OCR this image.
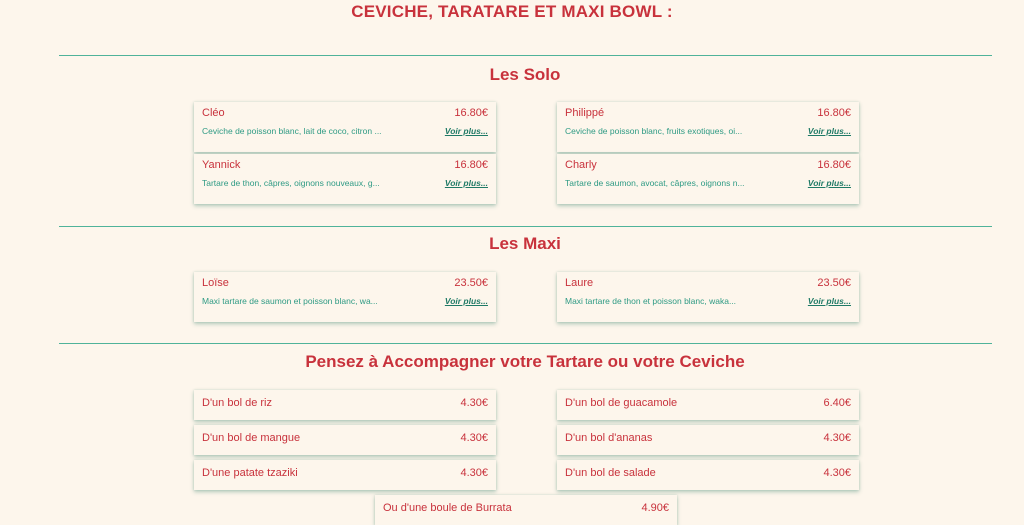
CEVICHE, TARATARE ET MAXI BOWL :
Les Solo
Cléo	16.80€
Ceviche de poisson blanc, lait de coco, citron ...	Voir plus...
Philippé	16.80€
Ceviche de poisson blanc, fruits exotiques, oi...	Voir plus...
Yannick	16.80€
Tartare de thon, câpres, oignons nouveaux, g...	Voir plus...
Charly	16.80€
Tartare de saumon, avocat, câpres, oignons n...	Voir plus...
Les Maxi
Loïse	23.50€
Maxi tartare de saumon et poisson blanc, wa...	Voir plus...
Laure	23.50€
Maxi tartare de thon et poisson blanc, waka...	Voir plus...
Pensez à Accompagner votre Tartare ou votre Ceviche
D'un bol de riz	4.30€	D'un bol de guacamole	6.40€
D'un bol de mangue	4.30€	D'un bol d'ananas	4.30€
D'une patate tzaziki	4.30€	D'un bol de salade	4.30€
Ou d'une boule de Burrata	4.90€
